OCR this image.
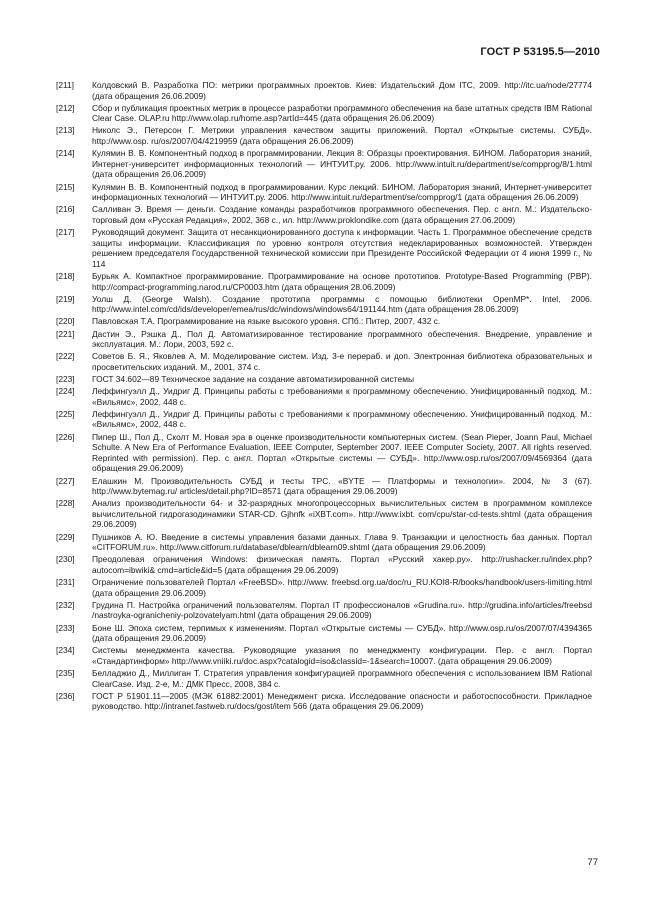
ГОСТ Р 53195.5—2010
[211]	Колдовский В. Разработка ПО: метрики программных проектов. Киев: Издательский Дом ITC, 2009. http://itc.ua/node/27774 (дата обращения 26.06.2009)
[212]	Сбор и публикация проектных метрик в процессе разработки программного обеспечения на базе штатных средств IBM Rational Clear Case. OLAP.ru http://www.olap.ru/home.asp?artId=445 (дата обращения 26.06.2009)
[213]	Николс Э., Петерсон Г. Метрики управления качеством защиты приложений. Портал «Открытые системы. СУБД». http://www.osp. ru/os/2007/04/4219959 (дата обращения 26.06.2009)
[214]	Кулямин В. В. Компонентный подход в программировании. Лекция 8: Образцы проектирования. БИНОМ. Лаборатория знаний, Интернет-университет информационных технологий — ИНТУИТ.ру. 2006. http://www.intuit.ru/department/se/compprog/8/1.html (дата обращения 26.06.2009)
[215]	Кулямин В. В. Компонентный подход в программировании. Курс лекций. БИНОМ. Лаборатория знаний, Интернет-университет информационных технологий — ИНТУИТ.ру. 2006. http://www.intuit.ru/department/se/compprog/1 (дата обращения 26.06.2009)
[216]	Салливан Э. Время — деньги. Создание команды разработчиков программного обеспечения. Пер. с англ. М.: Издательско-торговый дом «Русская Редакция», 2002, 368 с., ил. http://www.proklondike.com (дата обращения 27.06.2009)
[217]	Руководящий документ. Защита от несанкционированного доступа к информации. Часть 1. Программное обеспечение средств защиты информации. Классификация по уровню контроля отсутствия недекларированных возможностей. Утвержден решением председателя Государственной технической комиссии при Президенте Российской Федерации от 4 июня 1999 г., № 114
[218]	Бурьяк А. Компактное программирование. Программирование на основе прототипов. Prototype-Based Programming (PBP). http://compact-programming.narod.ru/CP0003.htm (дата обращения 28.06.2009)
[219]	Уолш Д. (George Walsh). Создание прототипа программы с помощью библиотеки OpenMP*. Intel, 2006. http://www.intel.com/cd/ids/developer/emea/rus/dc/windows/windows64/191144.htm (дата обращения 28.06.2009)
[220]	Павловская Т.А. Программирование на языке высокого уровня. СПб.: Питер, 2007, 432 с.
[221]	Дастин Э., Рэшка Д., Пол Д. Автоматизированное тестирование программного обеспечения. Внедрение, управление и эксплуатация. М.: Лори, 2003, 592 с.
[222]	Советов Б. Я., Яковлев А. М. Моделирование систем. Изд. 3-е перераб. и доп. Электронная библиотека образовательных и просветительских изданий. М., 2001, 374 с.
[223]	ГОСТ 34.602—89 Техническое задание на создание автоматизированной системы
[224]	Леффингуэлл Д., Уидриг Д. Принципы работы с требованиями к программному обеспечению. Унифицированный подход. М.: «Вильямс», 2002, 448 с.
[225]	Леффингуэлл Д., Уидриг Д. Принципы работы с требованиями к программному обеспечению. Унифицированный подход. М.: «Вильямс», 2002, 448 с.
[226]	Пипер Ш., Пол Д., Сколт М. Новая эра в оценке производительности компьютерных систем. (Sean Pieper, Joann Paul, Michael Schulte. A New Era of Performance Evaluation, IEEE Computer, September 2007. IEEE Computer Society, 2007. All rights reserved. Reprinted with permission). Пер. с англ. Портал «Открытые системы — СУБД». http://www.osp.ru/os/2007/09/4569364 (дата обращения 29.06.2009)
[227]	Елашкин М. Производительность СУБД и тесты TPC. «BYTE — Платформы и технологии». 2004, № 3 (67). http://www.bytemag.ru/ articles/detail.php?ID=8571 (дата обращения 29.06.2009)
[228]	Анализ производительности 64- и 32-разрядных многопроцессорных вычислительных систем в программном комплексе вычислительной гидрогазодинамики STAR-CD. Gjhnfk «iXBT.com». http://www.ixbt. com/cpu/star-cd-tests.shtml (дата обращения 29.06.2009)
[229]	Пушников А. Ю. Введение в системы управления базами данных. Глава 9. Транзакции и целостность баз данных. Портал «CITFORUM.ru». http://www.citforum.ru/database/dblearn/dblearn09.shtml (дата обращения 29.06.2009)
[230]	Преодолевая ограничения Windows: физическая память. Портал «Русский хакер.ру». http://rushacker.ru/index.php?autocom=ibwiki& cmd=article&id=5 (дата обращения 29.06.2009)
[231]	Ограничение пользователей Портал «FreeBSD». http://www. freebsd.org.ua/doc/ru_RU.KOI8-R/books/handbook/users-limiting.html (дата обращения 29.06.2009)
[232]	Грудина П. Настройка ограничений пользователям. Портал IT профессионалов «Grudina.ru». http://grudina.info/articles/freebsd /nastroyka-ogranicheniy-polzovatelyam.html (дата обращения 29.06.2009)
[233]	Боне Ш. Эпоха систем, терпимых к изменениям. Портал «Открытые системы — СУБД». http://www.osp.ru/os/2007/07/4394365 (дата обращения 29.06.2009)
[234]	Системы менеджмента качества. Руководящие указания по менеджменту конфигурации. Пер. с англ. Портал «Стандартинформ» http://www.vniiki.ru/doc.aspx?catalogid=iso&classid=-1&search=10007. (дата обращения 29.06.2009)
[235]	Белладжио Д., Миллиган Т. Стратегия управления конфигурацией программного обеспечения с использованием IBM Rational ClearCase. Изд. 2-е, М.: ДМК Пресс, 2008, 384 с.
[236]	ГОСТ Р 51901.11—2005 (МЭК 61882:2001) Менеджмент риска. Исследование опасности и работоспособности. Прикладное руководство. http://intranet.fastweb.ru/docs/gost/item 566 (дата обращения 29.06.2009)
77
